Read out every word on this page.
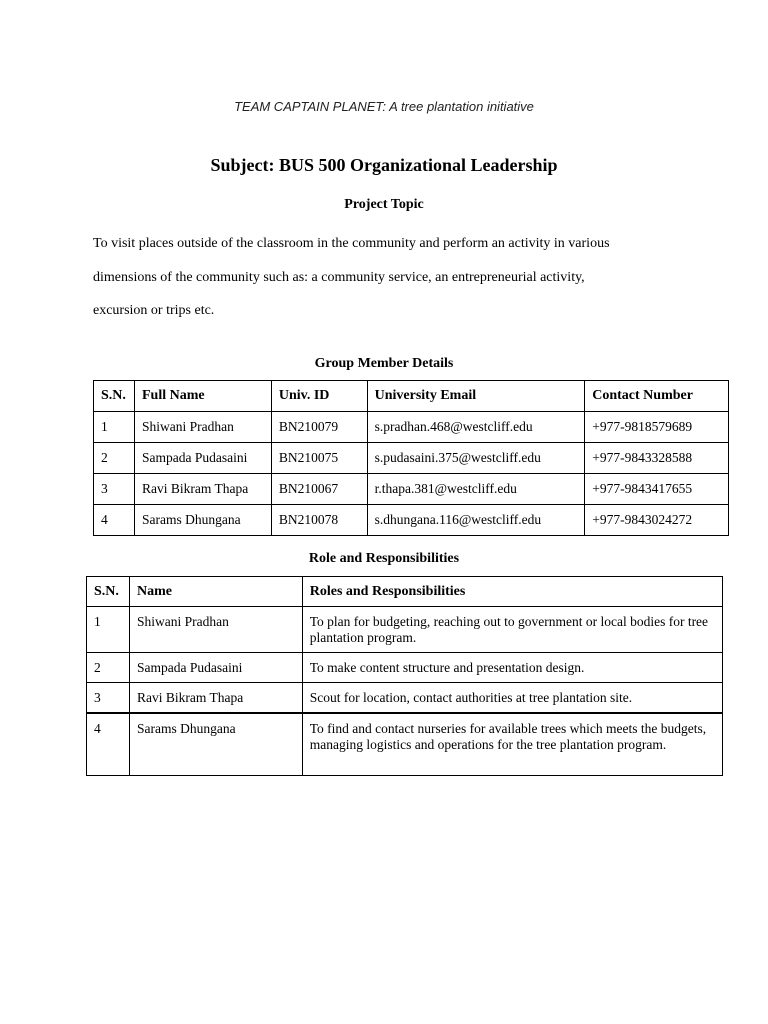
TEAM CAPTAIN PLANET: A tree plantation initiative
Subject: BUS 500 Organizational Leadership
Project Topic
To visit places outside of the classroom in the community and perform an activity in various
dimensions of the community such as: a community service, an entrepreneurial activity,
excursion or trips etc.
Group Member Details
S.N.	Full Name	Univ. ID	University Email	Contact Number
1	Shiwani Pradhan	BN210079	s.pradhan.468@westcliff.edu	+977-9818579689
2	Sampada Pudasaini	BN210075	s.pudasaini.375@westcliff.edu	+977-9843328588
3	Ravi Bikram Thapa	BN210067	r.thapa.381@westcliff.edu	+977-9843417655
4	Sarams Dhungana	BN210078	s.dhungana.116@westcliff.edu	+977-9843024272
Role and Responsibilities
S.N.	Name	Roles and Responsibilities
1	Shiwani Pradhan	To plan for budgeting, reaching out to government or local bodies for tree plantation program.
2	Sampada Pudasaini	To make content structure and presentation design.
3	Ravi Bikram Thapa	Scout for location, contact authorities at tree plantation site.
4	Sarams Dhungana	To find and contact nurseries for available trees which meets the budgets, managing logistics and operations for the tree plantation program.
